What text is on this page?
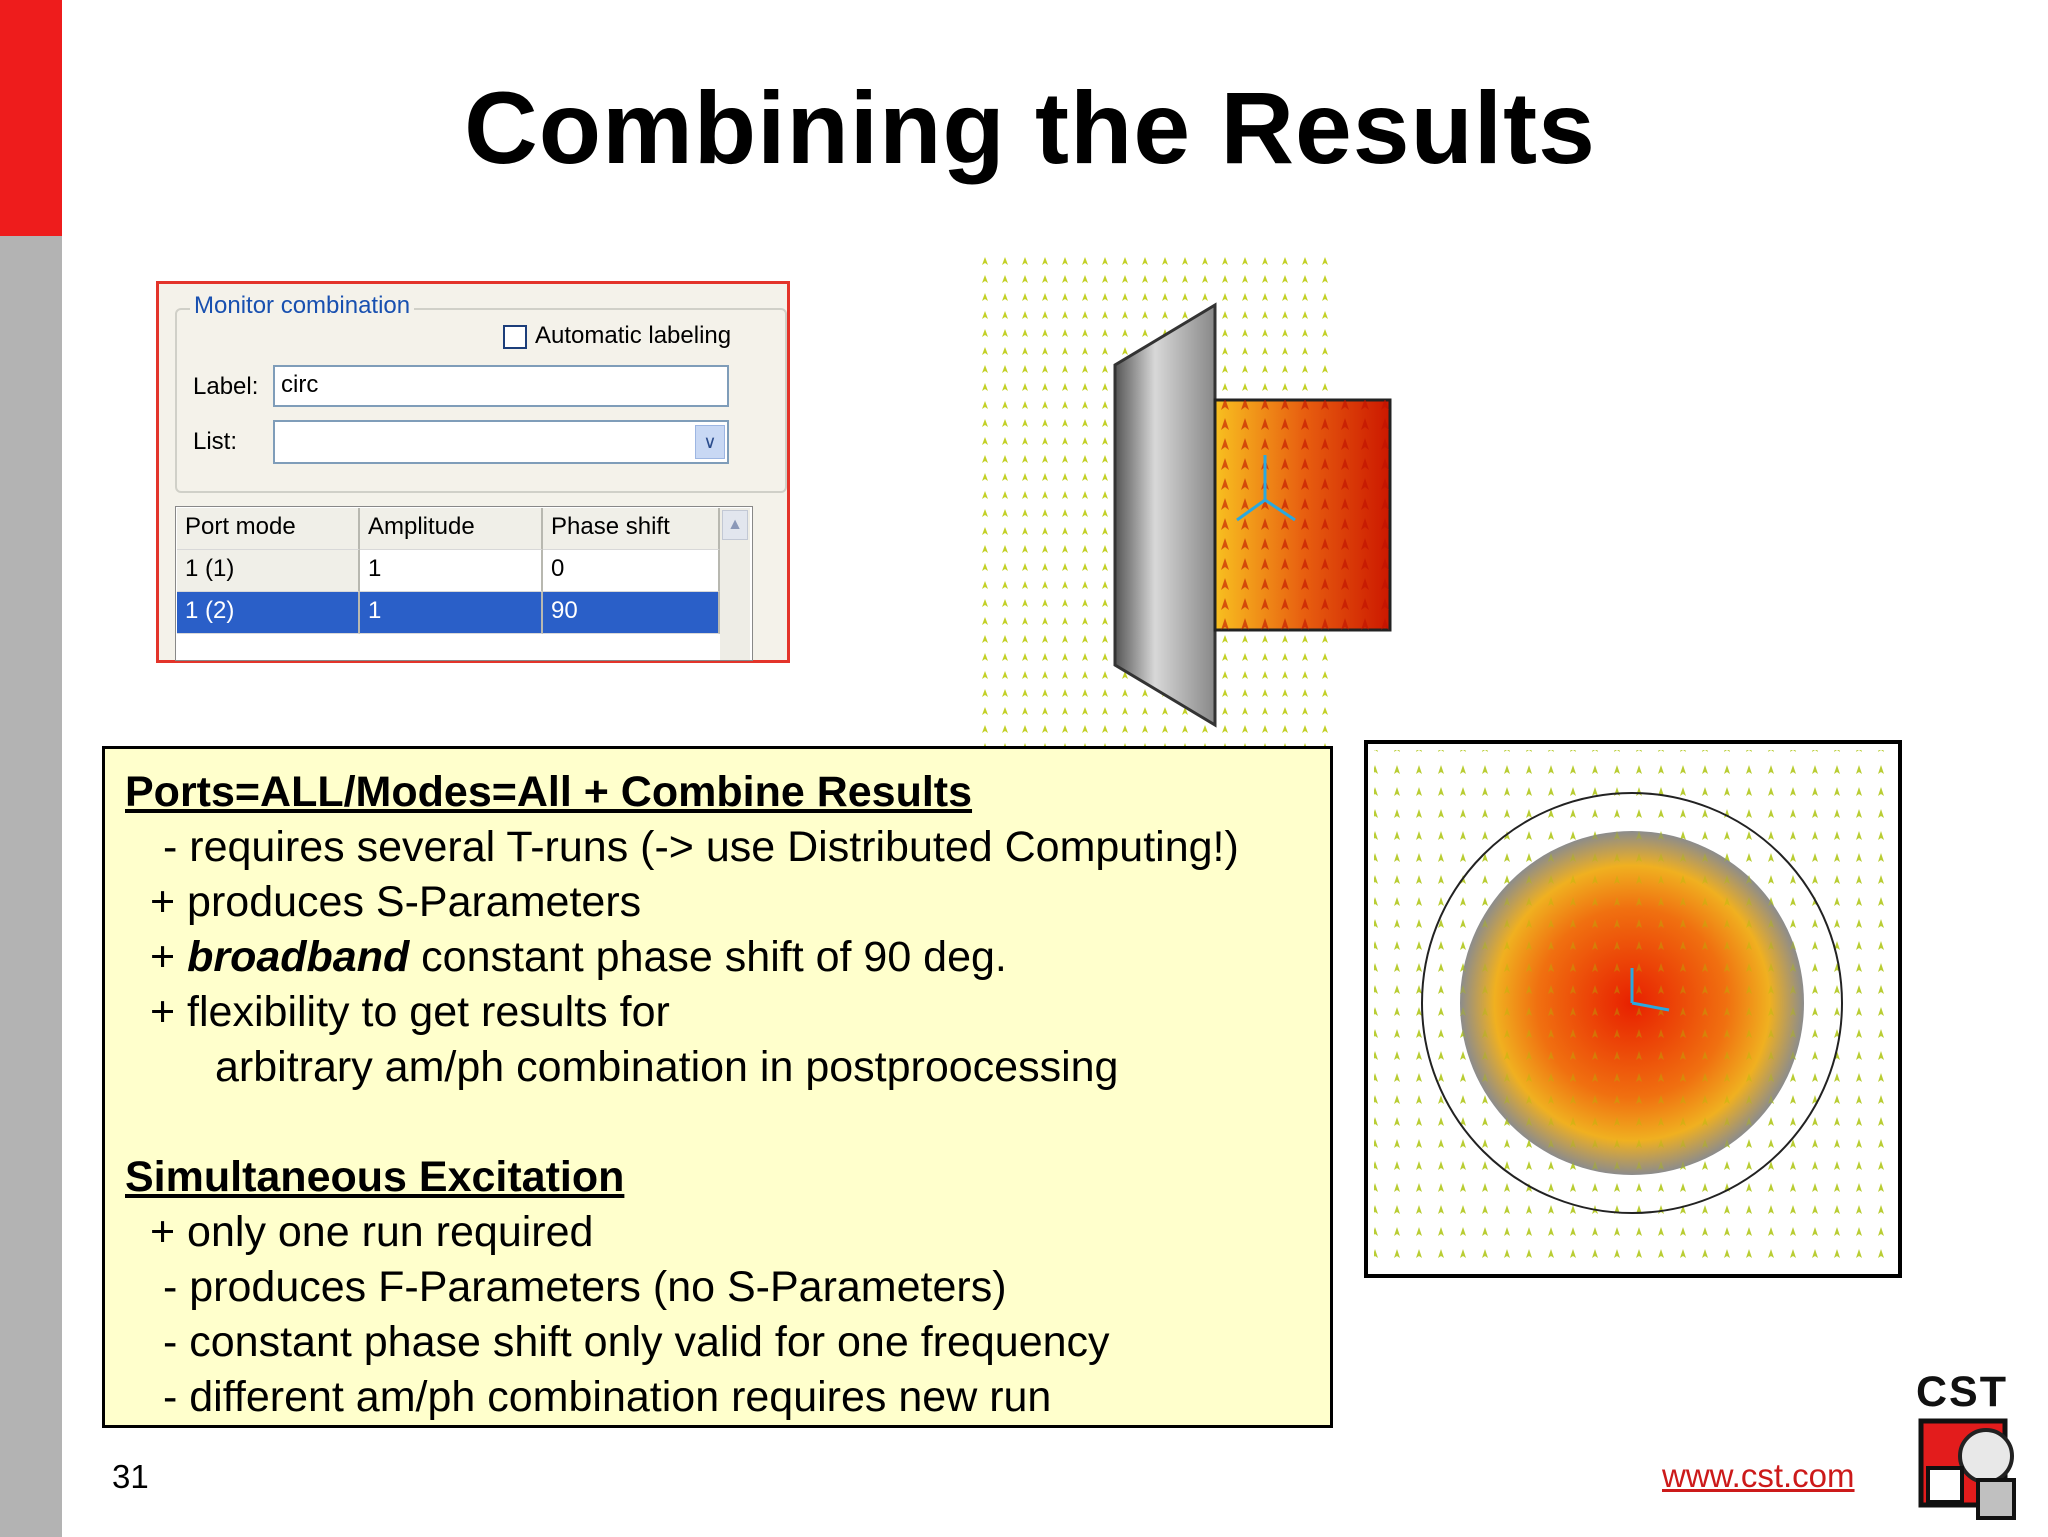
Combining the Results
Monitor combination
Automatic labeling
Label: circ
List:	∨
Port mode	Amplitude	Phase shift
1 (1)	1	0
1 (2)	1	90
▲
Ports=ALL/Modes=All + Combine Results
- requires several T-runs (-> use Distributed Computing!)
+ produces S-Parameters
+ broadband constant phase shift of 90 deg.
+ flexibility to get results for
arbitrary am/ph combination in postproocessing
Simultaneous Excitation
+ only one run required
- produces F-Parameters (no S-Parameters)
- constant phase shift only valid for one frequency
- different am/ph combination requires new run
31	www.cst.com
CST
